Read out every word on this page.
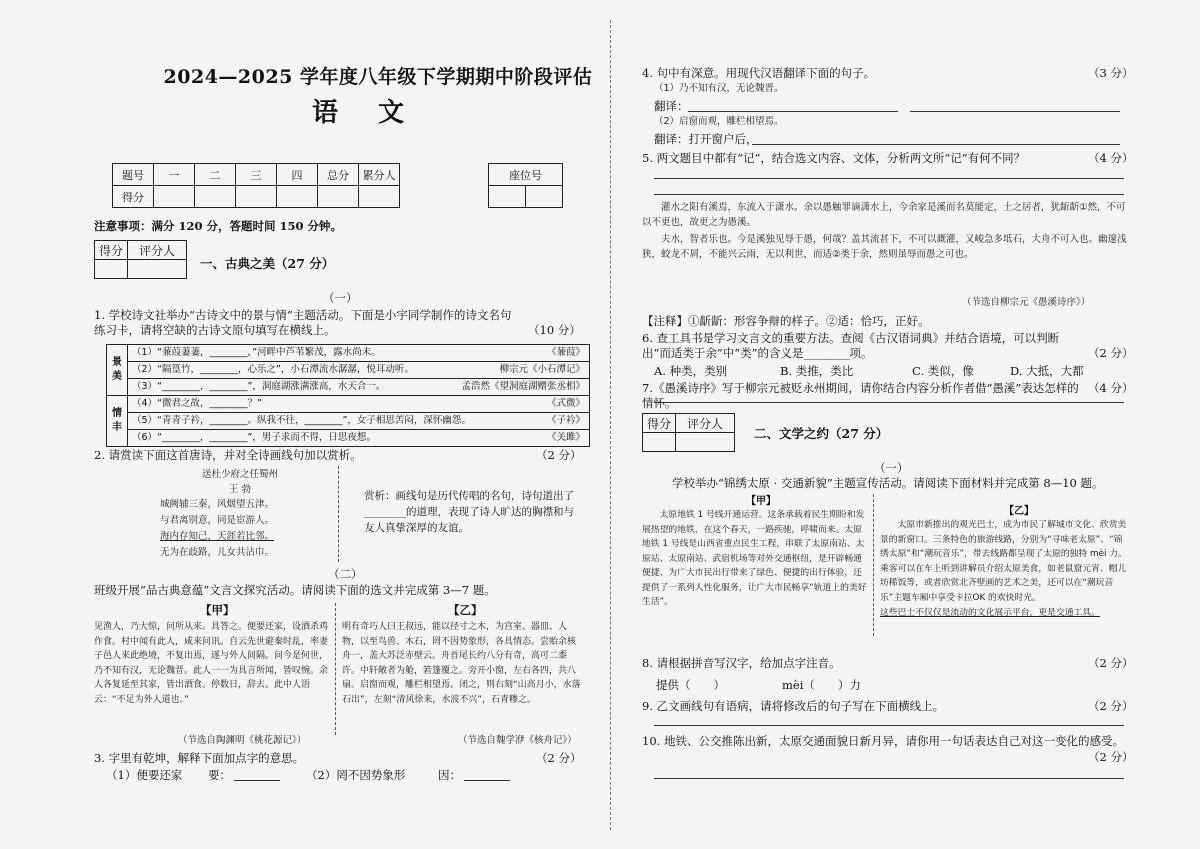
2024—2025 学年度八年级下学期期中阶段评估
语文
题号	一	二	三	四	总分	累分人
得分						
座位号

注意事项：满分 120 分，答题时间 150 分钟。
得分	评分人

一、古典之美（27 分）
（一）
1. 学校诗文社举办“古诗文中的景与情”主题活动。下面是小宇同学制作的诗文名句练习卡，请将空缺的古诗文原句填写在横线上。	（10 分）
景美	（1）“蒹葭萋萋，________，”河畔中芦苇繁茂，露水尚未。 《蒹葭》

	（2）“隔篁竹，________，心乐之”，小石潭流水潺潺，悦耳动听。 柳宗元《小石潭记》

	（3）“________，________”，洞庭湖涨满涨高，水天合一。 孟浩然《望洞庭湖赠张丞相》

情丰	（4）“微君之故，________？” 《式微》

	（5）“青青子衿，________。纵我不往，________”，女子相思苦闷，深怀幽怨。 《子衿》

	（6）“________，________”，男子求而不得，日思夜想。 《关雎》
2. 请赏读下面这首唐诗，并对全诗画线句加以赏析。	（2 分）
送杜少府之任蜀州
王 勃
城阙辅三秦，风烟望五津。
与君离别意，同是宦游人。
海内存知己，天涯若比邻。
无为在歧路，儿女共沾巾。
赏析：画线句是历代传唱的名句，诗句道出了________的道理，表现了诗人旷达的胸襟和与友人真挚深厚的友谊。
（二）
班级开展“品古典意蕴”文言文探究活动。请阅读下面的选文并完成第 3—7 题。
【甲】	【乙】
见渔人，乃大惊，问所从来。具答之。便要还家，设酒杀鸡作食。村中闻有此人，咸来问讯。自云先世避秦时乱，率妻子邑人来此绝境，不复出焉，遂与外人间隔。问今是何世，乃不知有汉，无论魏晋。此人一一为具言所闻，皆叹惋。余人各复延至其家，皆出酒食。停数日，辞去。此中人语云：“不足为外人道也。”
明有奇巧人曰王叔远，能以径寸之木，为宫室、器皿、人物，以至鸟兽、木石，罔不因势象形，各具情态。尝贻余核舟一，盖大苏泛赤壁云。舟首尾长约八分有奇，高可二黍许。中轩敞者为舱，箬篷覆之。旁开小窗，左右各四，共八扇。启窗而观，雕栏相望焉。闭之，则右刻“山高月小，水落石出”，左刻“清风徐来，水波不兴”，石青糁之。
（节选自陶渊明《桃花源记》）	（节选自魏学洢《核舟记》）
3. 字里有乾坤，解释下面加点字的意思。	（2 分）
（1）便要还家 要：	（2）罔不因势象形	因：
4. 句中有深意。用现代汉语翻译下面的句子。	（3 分）
（1）乃不知有汉，无论魏晋。
翻译：
（2）启窗而观，雕栏相望焉。
翻译：打开窗户后，
5. 两文题目中都有“记”，结合选文内容、文体，分析两文所“记”有何不同？	（4 分）
灌水之阳有溪焉，东流入于潇水。余以愚触罪谪潇水上，今余家是溪而名莫能定，土之居者，犹龂龂①然，不可以不更也，故更之为愚溪。
夫水，智者乐也。今是溪独见辱于愚，何哉？盖其流甚下，不可以溉灌，又峻急多坻石，大舟不可入也。幽邃浅狭，蛟龙不屑，不能兴云雨，无以利世，而适②类于余，然则虽辱而愚之可也。
（节选自柳宗元《愚溪诗序》）
【注释】①龂龂：形容争辩的样子。②适：恰巧，正好。
6. 查工具书是学习文言文的重要方法。查阅《古汉语词典》并结合语境，可以判断出“而适类于余”中“类”的含义是________项。	（2 分）
A. 种类，类别	B. 类推，类比	C. 类似，像	D. 大抵，大都
7.《愚溪诗序》写于柳宗元被贬永州期间，请你结合内容分析作者借“愚溪”表达怎样的情怀。
（4 分）
得分	评分人

二、文学之约（27 分）
（一）
学校举办“锦绣太原 · 交通新貌”主题宣传活动。请阅读下面材料并完成第 8—10 题。
【甲】
【乙】
太原地铁 1 号线开通运营。这条承载着民生期盼和发展热望的地铁，在这个春天，一路疾驰，呼啸而来。太原地铁 1 号线是山西省重点民生工程，串联了太原南站、太原站、太原南站、武宿机场等对外交通枢纽，是开辟畅通便捷、为广大市民出行带来了绿色、便捷的出行体验，还提供了一系列人性化服务，让广大市民畅享“轨道上的美好生活”。
太原市新推出的观光巴士，成为市民了解城市文化、欣赏美景的新窗口。三条特色的旅游线路，分别为“寻味老太原”、“锦绣太原”和“潮玩音乐”，带去线路都呈现了太原的独特 mèi 力。乘客可以在车上听到讲解员介绍太原美食，如老鼠窟元宵、帽儿坊稀饭等，或者欣赏北齐壁画的艺术之美，还可以在“潮玩音乐”主题车厢中享受卡拉OK 的欢快时光。
这些巴士不仅仅是流动的文化展示平台，更是交通工具。
8. 请根据拼音写汉字，给加点字注音。	（2 分）
提供（　　）	mèi（　　）力
9. 乙文画线句有语病，请将修改后的句子写在下面横线上。	（2 分）
10. 地铁、公交推陈出新，太原交通面貌日新月异，请你用一句话表达自己对这一变化的感受。
（2 分）
